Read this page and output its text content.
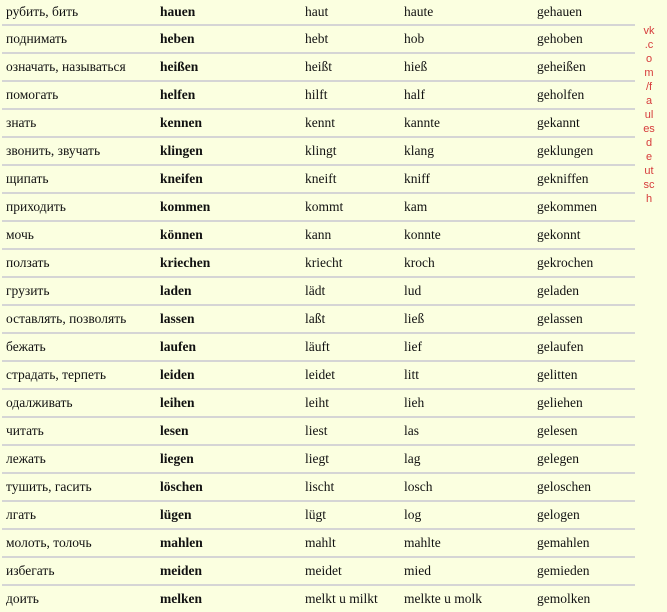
рубить, бить	hauen	haut	haute	gehauen
поднимать	heben	hebt	hob	gehoben
означать, называться	heißen	heißt	hieß	geheißen
помогать	helfen	hilft	half	geholfen
знать	kennen	kennt	kannte	gekannt
звонить, звучать	klingen	klingt	klang	geklungen
щипать	kneifen	kneift	kniff	gekniffen
приходить	kommen	kommt	kam	gekommen
мочь	können	kann	konnte	gekonnt
ползать	kriechen	kriecht	kroch	gekrochen
грузить	laden	lädt	lud	geladen
оставлять, позволять	lassen	laßt	ließ	gelassen
бежать	laufen	läuft	lief	gelaufen
страдать, терпеть	leiden	leidet	litt	gelitten
одалживать	leihen	leiht	lieh	geliehen
читать	lesen	liest	las	gelesen
лежать	liegen	liegt	lag	gelegen
тушить, гасить	löschen	lischt	losch	geloschen
лгать	lügen	lügt	log	gelogen
молоть, толочь	mahlen	mahlt	mahlte	gemahlen
избегать	meiden	meidet	mied	gemieden
доить	melken	melkt u milkt	melkte u molk	gemolken
vk
.c
o
m
/f
a
ul
es
d
e
ut
sc
h
